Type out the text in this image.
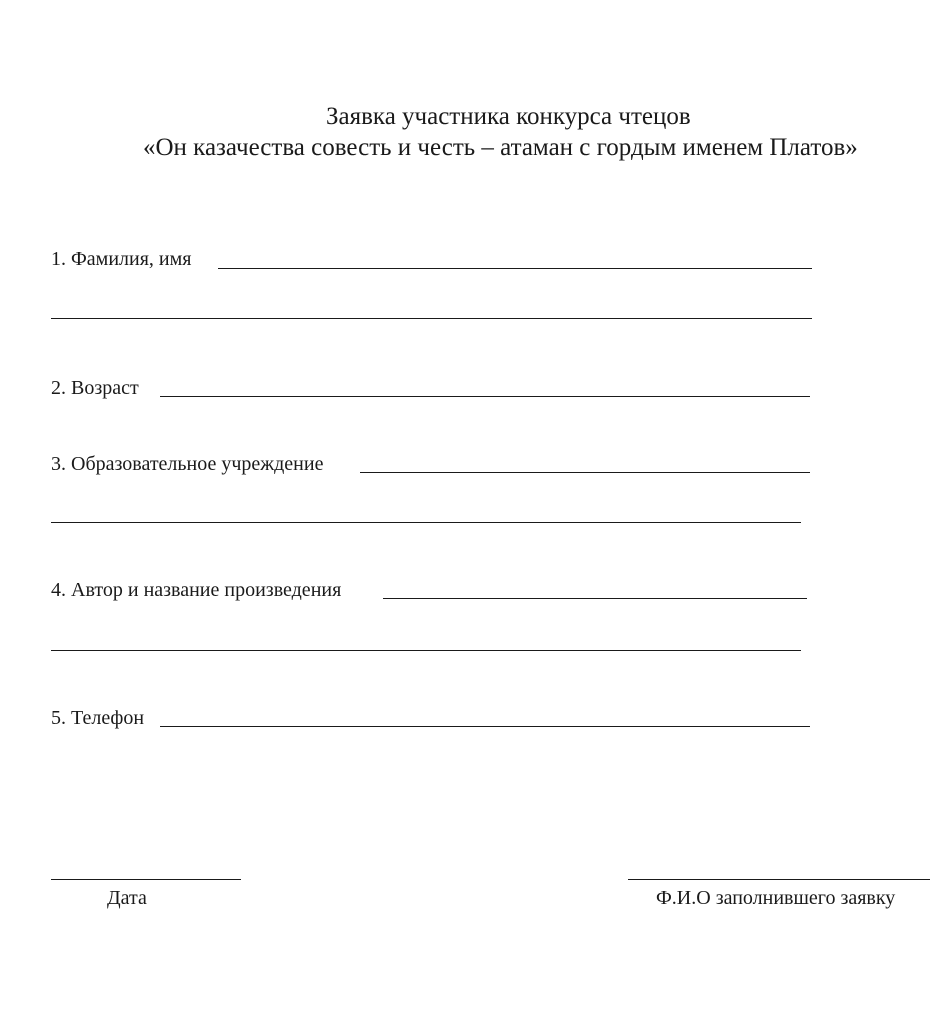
Заявка участника конкурса чтецов
«Он казачества совесть и честь – атаман с гордым именем Платов»
1. Фамилия, имя
2. Возраст
3. Образовательное учреждение
4. Автор и название произведения
5. Телефон
Дата	Ф.И.О заполнившего заявку
